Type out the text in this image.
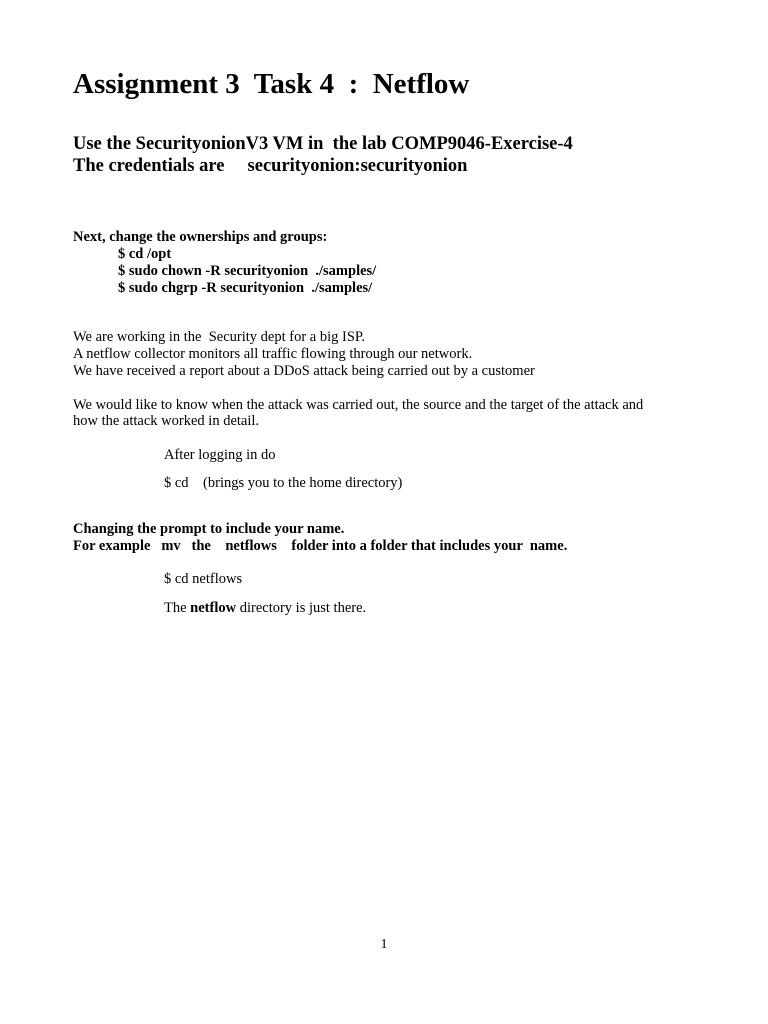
Assignment 3  Task 4  :  Netflow
Use the SecurityonionV3 VM in  the lab COMP9046-Exercise-4
The credentials are     securityonion:securityonion
Next, change the ownerships and groups:
$ cd /opt
$ sudo chown -R securityonion  ./samples/
$ sudo chgrp -R securityonion  ./samples/
We are working in the  Security dept for a big ISP.
A netflow collector monitors all traffic flowing through our network.
We have received a report about a DDoS attack being carried out by a customer
We would like to know when the attack was carried out, the source and the target of the attack and
how the attack worked in detail.
After logging in do
$ cd    (brings you to the home directory)
Changing the prompt to include your name.
For example   mv   the    netflows    folder into a folder that includes your  name.
$ cd netflows
The netflow directory is just there.
1
